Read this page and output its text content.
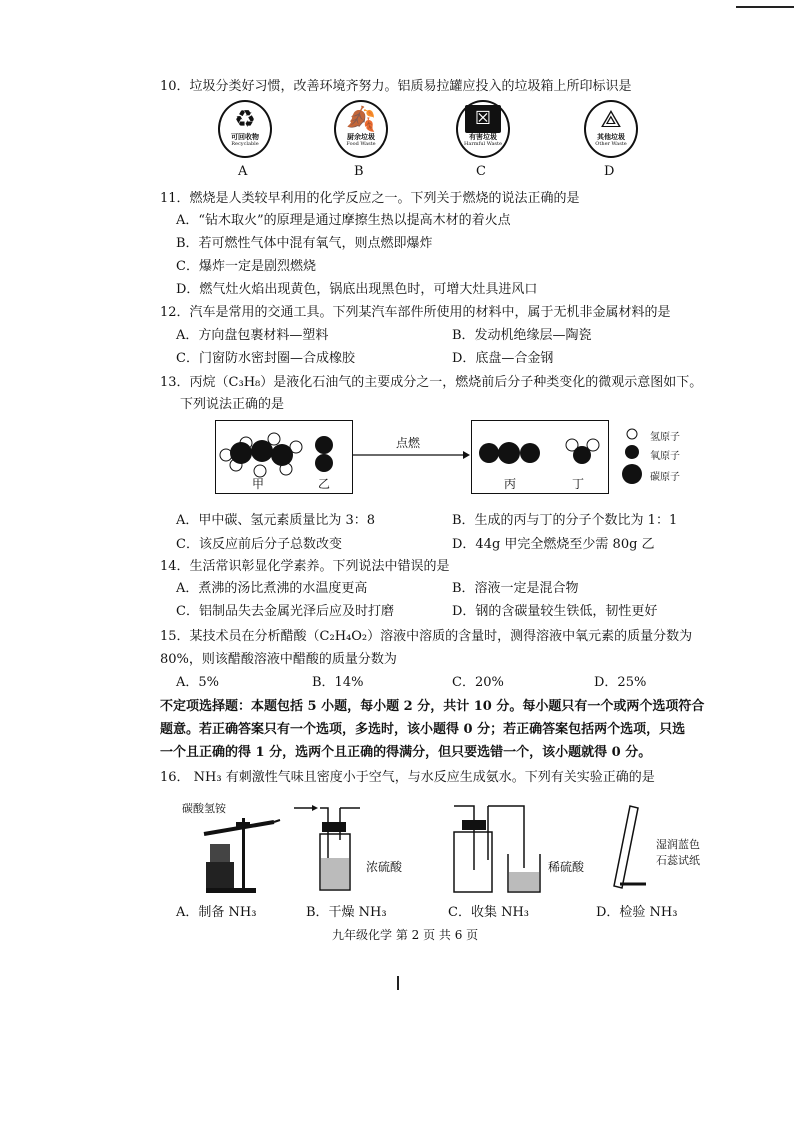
10．垃圾分类好习惯，改善环境齐努力。铝质易拉罐应投入的垃圾箱上所印标识是
♻
可回收物
Recyclable
🍂
厨余垃圾
Food Waste
☒
有害垃圾
Harmful Waste
⟁
其他垃圾
Other Waste
A	B	C	D
11．燃烧是人类较早利用的化学反应之一。下列关于燃烧的说法正确的是
A．“钻木取火”的原理是通过摩擦生热以提高木材的着火点
B．若可燃性气体中混有氧气，则点燃即爆炸
C．爆炸一定是剧烈燃烧
D．燃气灶火焰出现黄色，锅底出现黑色时，可增大灶具进风口
12．汽车是常用的交通工具。下列某汽车部件所使用的材料中，属于无机非金属材料的是
A．方向盘包裹材料—塑料	B．发动机绝缘层—陶瓷
C．门窗防水密封圈—合成橡胶	D．底盘—合金钢
13．丙烷（C₃H₈）是液化石油气的主要成分之一，燃烧前后分子种类变化的微观示意图如下。
下列说法正确的是
甲	乙
点燃
丙	丁
氢原子
氧原子
碳原子
A．甲中碳、氢元素质量比为 3：8	B．生成的丙与丁的分子个数比为 1：1
C．该反应前后分子总数改变	D．44g 甲完全燃烧至少需 80g 乙
14．生活常识彰显化学素养。下列说法中错误的是
A．煮沸的汤比煮沸的水温度更高	B．溶液一定是混合物
C．铝制品失去金属光泽后应及时打磨	D．钢的含碳量较生铁低，韧性更好
15．某技术员在分析醋酸（C₂H₄O₂）溶液中溶质的含量时，测得溶液中氧元素的质量分数为
80%，则该醋酸溶液中醋酸的质量分数为
A．5%	B．14%	C．20%	D．25%
不定项选择题：本题包括 5 小题，每小题 2 分，共计 10 分。每小题只有一个或两个选项符合
题意。若正确答案只有一个选项，多选时，该小题得 0 分；若正确答案包括两个选项，只选
一个且正确的得 1 分，选两个且正确的得满分，但只要选错一个，该小题就得 0 分。
16． NH₃ 有刺激性气味且密度小于空气，与水反应生成氨水。下列有关实验正确的是
碳酸氢铵
浓硫酸	稀硫酸
湿润蓝色
石蕊试纸
A．制备 NH₃	B．干燥 NH₃	C．收集 NH₃	D．检验 NH₃
九年级化学 第 2 页 共 6 页
